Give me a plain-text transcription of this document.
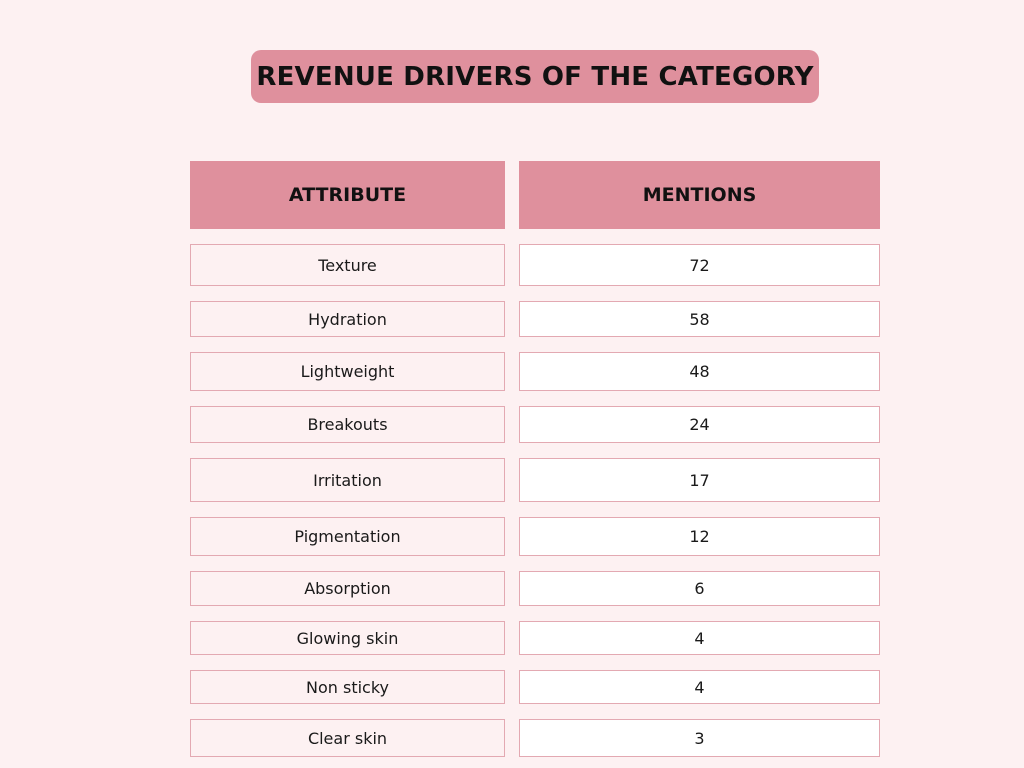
REVENUE DRIVERS OF THE CATEGORY
ATTRIBUTE	MENTIONS
Texture	72
Hydration	58
Lightweight	48
Breakouts	24
Irritation	17
Pigmentation	12
Absorption	6
Glowing skin	4
Non sticky	4
Clear skin	3
